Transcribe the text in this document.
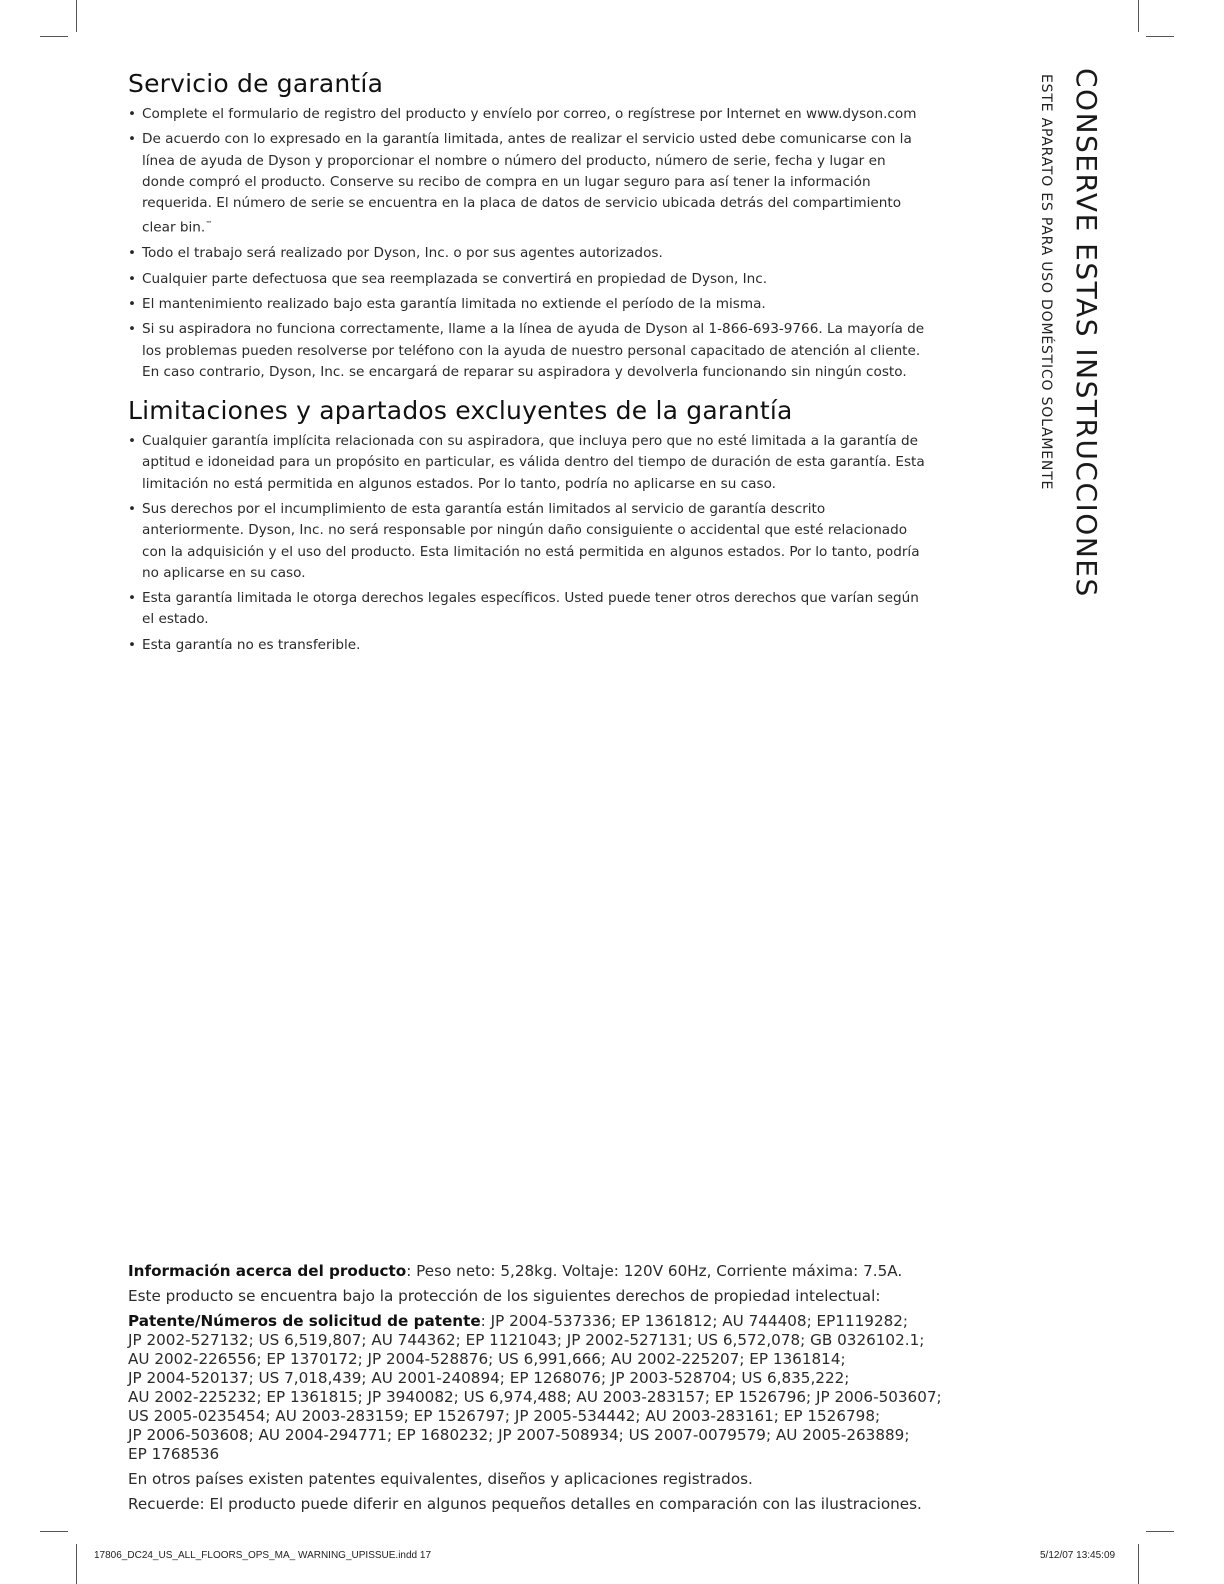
Servicio de garantía
• Complete el formulario de registro del producto y envíelo por correo, o regístrese por Internet en www.dyson.com
• De acuerdo con lo expresado en la garantía limitada, antes de realizar el servicio usted debe comunicarse con la línea de ayuda de Dyson y proporcionar el nombre o número del producto, número de serie, fecha y lugar en donde compró el producto. Conserve su recibo de compra en un lugar seguro para así tener la información requerida. El número de serie se encuentra en la placa de datos de servicio ubicada detrás del compartimiento clear bin.™
• Todo el trabajo será realizado por Dyson, Inc. o por sus agentes autorizados.
• Cualquier parte defectuosa que sea reemplazada se convertirá en propiedad de Dyson, Inc.
• El mantenimiento realizado bajo esta garantía limitada no extiende el período de la misma.
• Si su aspiradora no funciona correctamente, llame a la línea de ayuda de Dyson al 1-866-693-9766. La mayoría de los problemas pueden resolverse por teléfono con la ayuda de nuestro personal capacitado de atención al cliente. En caso contrario, Dyson, Inc. se encargará de reparar su aspiradora y devolverla funcionando sin ningún costo.
Limitaciones y apartados excluyentes de la garantía
• Cualquier garantía implícita relacionada con su aspiradora, que incluya pero que no esté limitada a la garantía de aptitud e idoneidad para un propósito en particular, es válida dentro del tiempo de duración de esta garantía. Esta limitación no está permitida en algunos estados. Por lo tanto, podría no aplicarse en su caso.
• Sus derechos por el incumplimiento de esta garantía están limitados al servicio de garantía descrito anteriormente. Dyson, Inc. no será responsable por ningún daño consiguiente o accidental que esté relacionado con la adquisición y el uso del producto. Esta limitación no está permitida en algunos estados. Por lo tanto, podría no aplicarse en su caso.
• Esta garantía limitada le otorga derechos legales específicos. Usted puede tener otros derechos que varían según el estado.
• Esta garantía no es transferible.
CONSERVE ESTAS INSTRUCCIONES
ESTE APARATO ES PARA USO DOMÉSTICO SOLAMENTE

Información acerca del producto: Peso neto: 5,28kg. Voltaje: 120V 60Hz, Corriente máxima: 7.5A.

Este producto se encuentra bajo la protección de los siguientes derechos de propiedad intelectual:

Patente/Números de solicitud de patente: JP 2004-537336; EP 1361812; AU 744408; EP1119282;

JP 2002-527132; US 6,519,807; AU 744362; EP 1121043; JP 2002-527131; US 6,572,078; GB 0326102.1;

AU 2002-226556; EP 1370172; JP 2004-528876; US 6,991,666; AU 2002-225207; EP 1361814;

JP 2004-520137; US 7,018,439; AU 2001-240894; EP 1268076; JP 2003-528704; US 6,835,222;

AU 2002-225232; EP 1361815; JP 3940082; US 6,974,488; AU 2003-283157; EP 1526796; JP 2006-503607;

US 2005-0235454; AU 2003-283159; EP 1526797; JP 2005-534442; AU 2003-283161; EP 1526798;

JP 2006-503608; AU 2004-294771; EP 1680232; JP 2007-508934; US 2007-0079579; AU 2005-263889;

EP 1768536

En otros países existen patentes equivalentes, diseños y aplicaciones registrados.

Recuerde: El producto puede diferir en algunos pequeños detalles en comparación con las ilustraciones.

17806_DC24_US_ALL_FLOORS_OPS_MA_ WARNING_UPISSUE.indd 17	5/12/07 13:45:09
